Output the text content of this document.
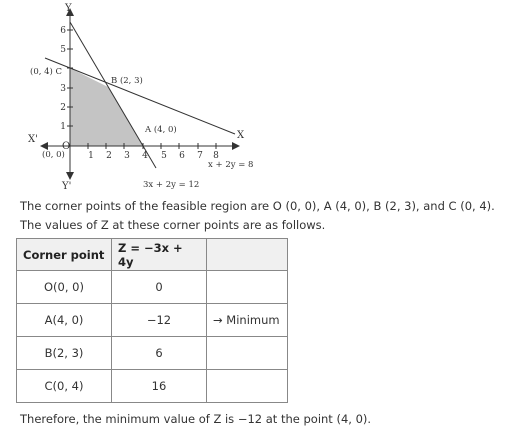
1 2 3 4 5 6 7 8
1
2
3
5
6
Y
Y'
X
X'
O
(0, 0)
(0, 4) C
B (2, 3)
A (4, 0)
x + 2y = 8
3x + 2y = 12
The corner points of the feasible region are O (0, 0), A (4, 0), B (2, 3), and C (0, 4).
The values of Z at these corner points are as follows.
Corner point	Z = −3x + 4y	
O(0, 0)	0	
A(4, 0)	−12	→ Minimum
B(2, 3)	6	
C(0, 4)	16	
Therefore, the minimum value of Z is −12 at the point (4, 0).
